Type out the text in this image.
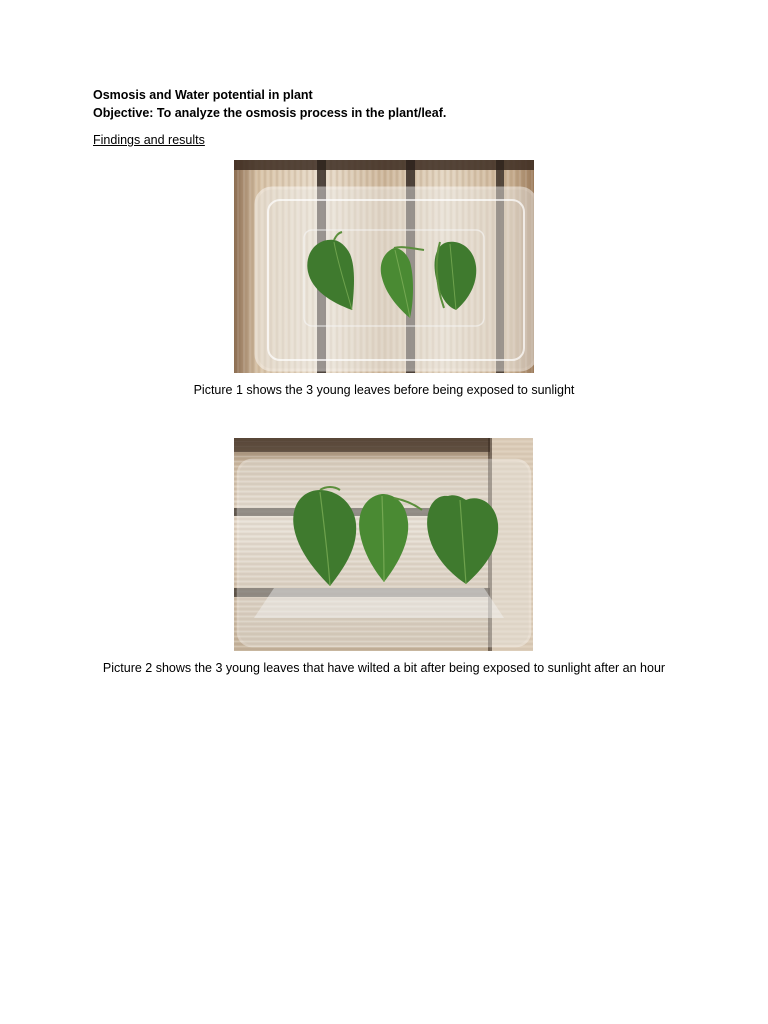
Osmosis and Water potential in plant
Objective: To analyze the osmosis process in the plant/leaf.
Findings and results
Picture 1 shows the 3 young leaves before being exposed to sunlight
Picture 2 shows the 3 young leaves that have wilted a bit after being exposed to sunlight after an hour
